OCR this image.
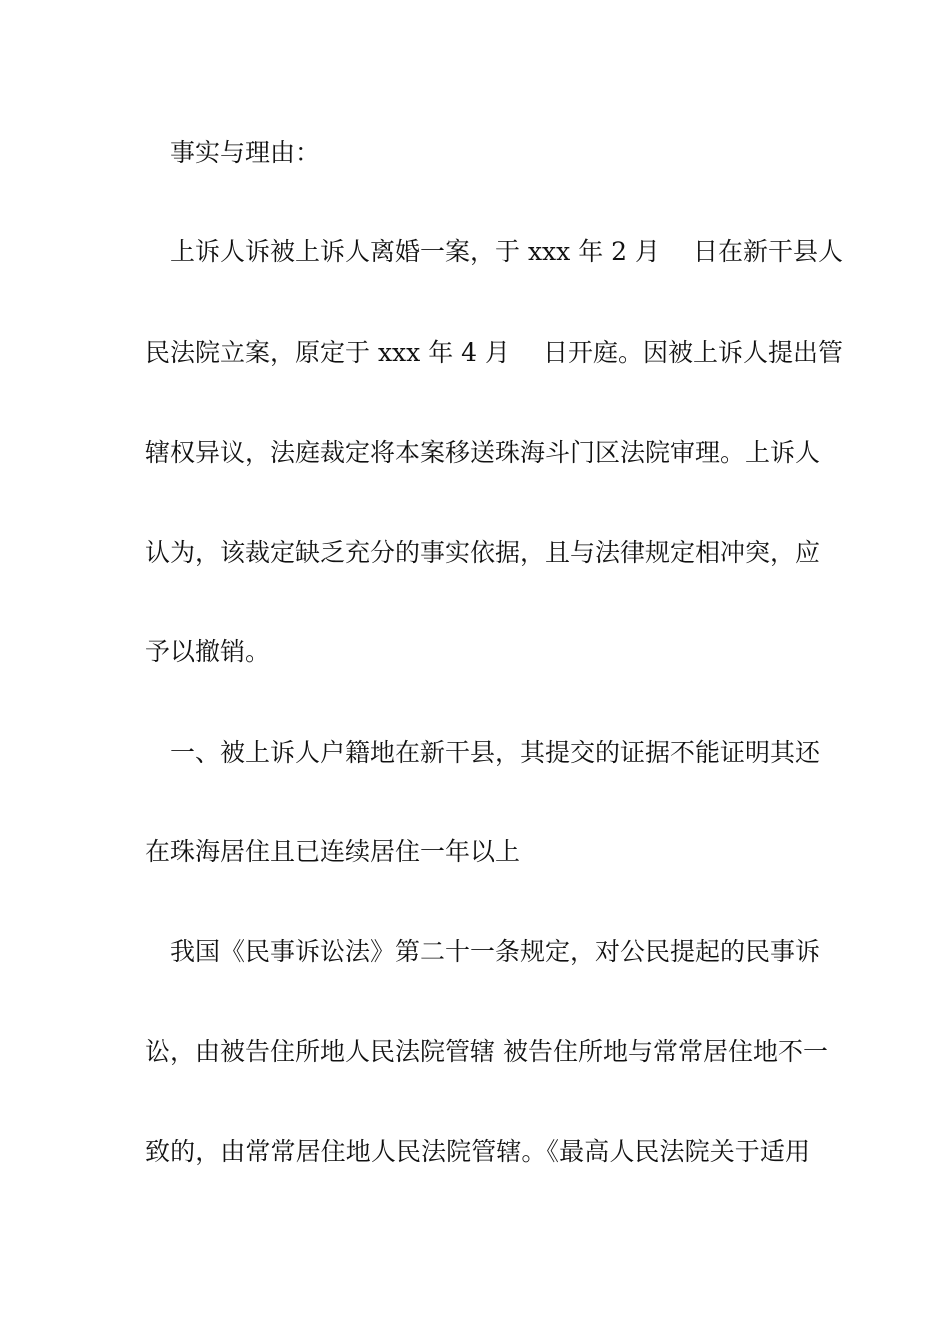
事实与理由：
上诉人诉被上诉人离婚一案，于 xxx 年 2 月　 日在新干县人
民法院立案，原定于 xxx 年 4 月　 日开庭。因被上诉人提出管
辖权异议，法庭裁定将本案移送珠海斗门区法院审理。上诉人
认为，该裁定缺乏充分的事实依据，且与法律规定相冲突，应
予以撤销。
一、被上诉人户籍地在新干县，其提交的证据不能证明其还
在珠海居住且已连续居住一年以上
我国《民事诉讼法》第二十一条规定，对公民提起的民事诉
讼，由被告住所地人民法院管辖 被告住所地与常常居住地不一
致的，由常常居住地人民法院管辖。《最高人民法院关于适用
